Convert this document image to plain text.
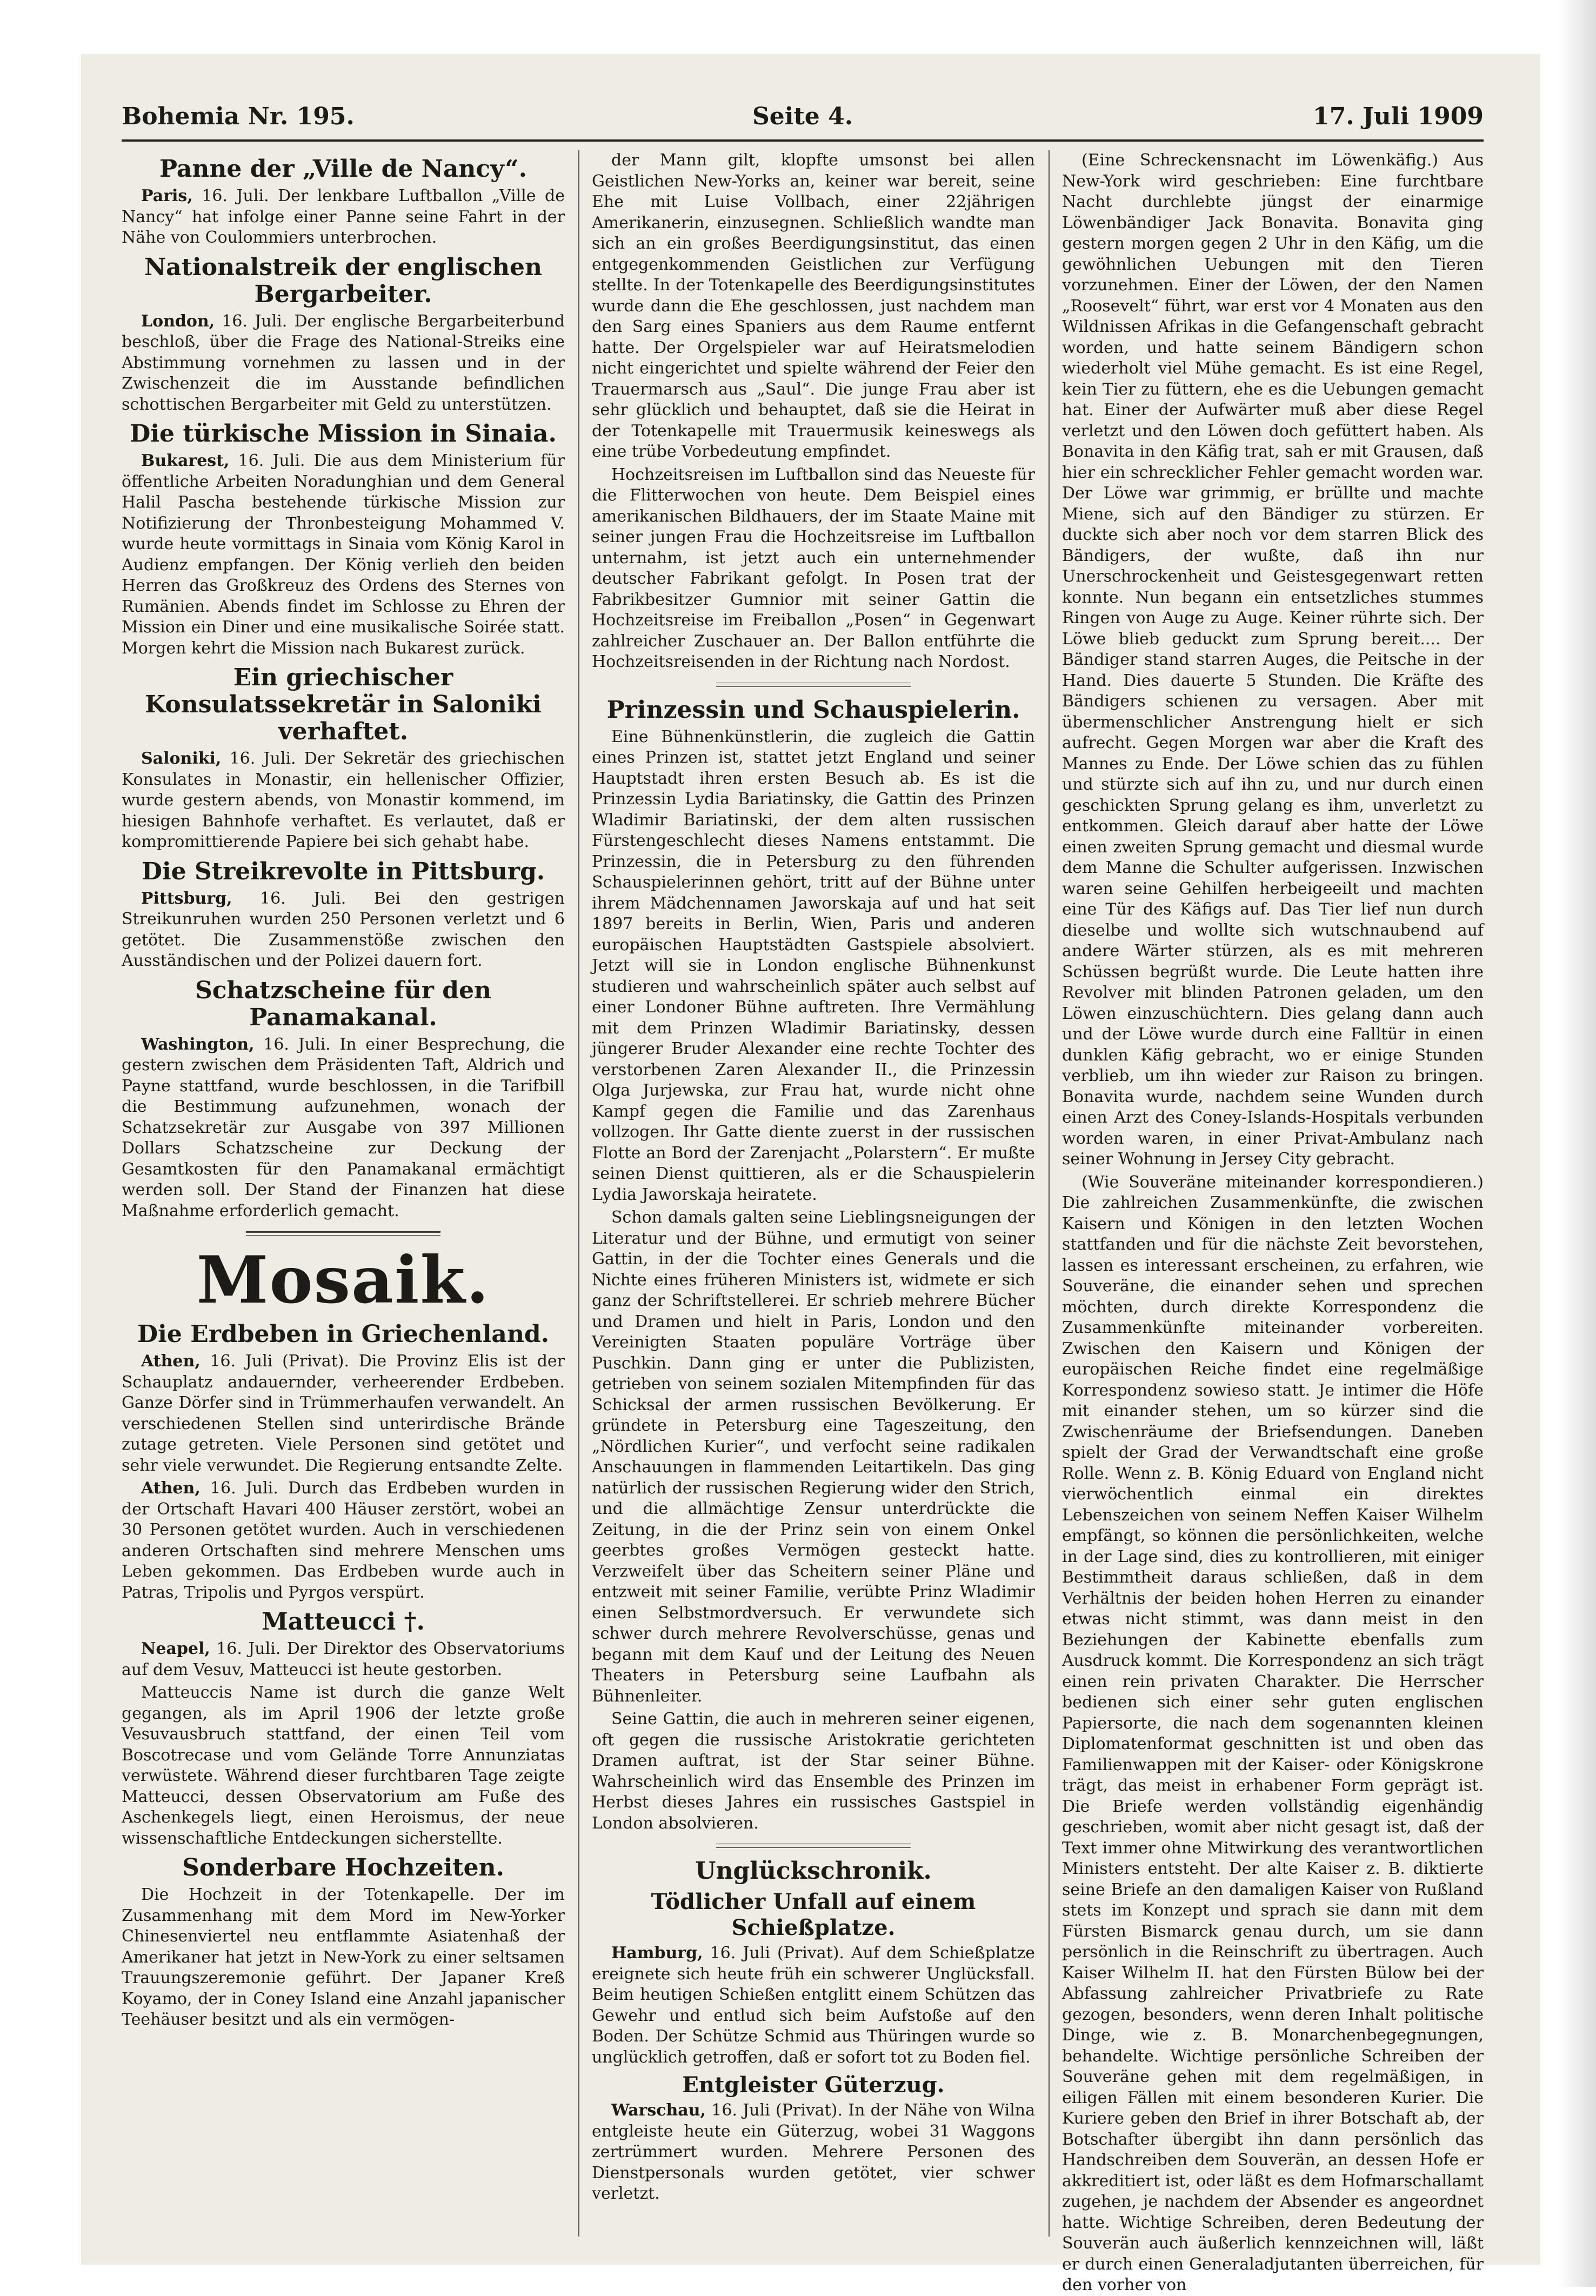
Bohemia Nr. 195.	Seite 4.	17. Juli 1909
Panne der „Ville de Nancy“.

Paris, 16. Juli. Der lenkbare Luftballon „Ville de Nancy“ hat infolge einer Panne seine Fahrt in der Nähe von Coulommiers unterbrochen.

Nationalstreik der englischen Bergarbeiter.

London, 16. Juli. Der englische Bergarbeiterbund beschloß, über die Frage des National-Streiks eine Abstimmung vornehmen zu lassen und in der Zwischenzeit die im Ausstande befindlichen schottischen Bergarbeiter mit Geld zu unterstützen.

Die türkische Mission in Sinaia.

Bukarest, 16. Juli. Die aus dem Ministerium für öffentliche Arbeiten Noradunghian und dem General Halil Pascha bestehende türkische Mission zur Notifizierung der Thronbesteigung Mohammed V. wurde heute vormittags in Sinaia vom König Karol in Audienz empfangen. Der König verlieh den beiden Herren das Großkreuz des Ordens des Sternes von Rumänien. Abends findet im Schlosse zu Ehren der Mission ein Diner und eine musikalische Soirée statt. Morgen kehrt die Mission nach Bukarest zurück.

Ein griechischer Konsulatssekretär in Saloniki verhaftet.

Saloniki, 16. Juli. Der Sekretär des griechischen Konsulates in Monastir, ein hellenischer Offizier, wurde gestern abends, von Monastir kommend, im hiesigen Bahnhofe verhaftet. Es verlautet, daß er kompromittierende Papiere bei sich gehabt habe.

Die Streikrevolte in Pittsburg.

Pittsburg, 16. Juli. Bei den gestrigen Streikunruhen wurden 250 Personen verletzt und 6 getötet. Die Zusammenstöße zwischen den Ausständischen und der Polizei dauern fort.

Schatzscheine für den Panamakanal.

Washington, 16. Juli. In einer Besprechung, die gestern zwischen dem Präsidenten Taft, Aldrich und Payne stattfand, wurde beschlossen, in die Tarifbill die Bestimmung aufzunehmen, wonach der Schatzsekretär zur Ausgabe von 397 Millionen Dollars Schatzscheine zur Deckung der Gesamtkosten für den Panamakanal ermächtigt werden soll. Der Stand der Finanzen hat diese Maßnahme erforderlich gemacht.

Mosaik.
Die Erdbeben in Griechenland.

Athen, 16. Juli (Privat). Die Provinz Elis ist der Schauplatz andauernder, verheerender Erdbeben. Ganze Dörfer sind in Trümmerhaufen verwandelt. An verschiedenen Stellen sind unterirdische Brände zutage getreten. Viele Personen sind getötet und sehr viele verwundet. Die Regierung entsandte Zelte.

Athen, 16. Juli. Durch das Erdbeben wurden in der Ortschaft Havari 400 Häuser zerstört, wobei an 30 Personen getötet wurden. Auch in verschiedenen anderen Ortschaften sind mehrere Menschen ums Leben gekommen. Das Erdbeben wurde auch in Patras, Tripolis und Pyrgos verspürt.

Matteucci †.

Neapel, 16. Juli. Der Direktor des Observatoriums auf dem Vesuv, Matteucci ist heute gestorben.

Matteuccis Name ist durch die ganze Welt gegangen, als im April 1906 der letzte große Vesuvausbruch stattfand, der einen Teil vom Boscotrecase und vom Gelände Torre Annunziatas verwüstete. Während dieser furchtbaren Tage zeigte Matteucci, dessen Observatorium am Fuße des Aschenkegels liegt, einen Heroismus, der neue wissenschaftliche Entdeckungen sicherstellte.

Sonderbare Hochzeiten.

Die Hochzeit in der Totenkapelle. Der im Zusammenhang mit dem Mord im New-Yorker Chinesenviertel neu entflammte Asiatenhaß der Amerikaner hat jetzt in New-York zu einer seltsamen Trauungszeremonie geführt. Der Japaner Kreß Koyamo, der in Coney Island eine Anzahl japanischer Teehäuser besitzt und als ein vermögen-

der Mann gilt, klopfte umsonst bei allen Geistlichen New-Yorks an, keiner war bereit, seine Ehe mit Luise Vollbach, einer 22jährigen Amerikanerin, einzusegnen. Schließlich wandte man sich an ein großes Beerdigungsinstitut, das einen entgegenkommenden Geistlichen zur Verfügung stellte. In der Totenkapelle des Beerdigungsinstitutes wurde dann die Ehe geschlossen, just nachdem man den Sarg eines Spaniers aus dem Raume entfernt hatte. Der Orgelspieler war auf Heiratsmelodien nicht eingerichtet und spielte während der Feier den Trauermarsch aus „Saul“. Die junge Frau aber ist sehr glücklich und behauptet, daß sie die Heirat in der Totenkapelle mit Trauermusik keineswegs als eine trübe Vorbedeutung empfindet.

Hochzeitsreisen im Luftballon sind das Neueste für die Flitterwochen von heute. Dem Beispiel eines amerikanischen Bildhauers, der im Staate Maine mit seiner jungen Frau die Hochzeitsreise im Luftballon unternahm, ist jetzt auch ein unternehmender deutscher Fabrikant gefolgt. In Posen trat der Fabrikbesitzer Gumnior mit seiner Gattin die Hochzeitsreise im Freiballon „Posen“ in Gegenwart zahlreicher Zuschauer an. Der Ballon entführte die Hochzeitsreisenden in der Richtung nach Nordost.

Prinzessin und Schauspielerin.

Eine Bühnenkünstlerin, die zugleich die Gattin eines Prinzen ist, stattet jetzt England und seiner Hauptstadt ihren ersten Besuch ab. Es ist die Prinzessin Lydia Bariatinsky, die Gattin des Prinzen Wladimir Bariatinski, der dem alten russischen Fürstengeschlecht dieses Namens entstammt. Die Prinzessin, die in Petersburg zu den führenden Schauspielerinnen gehört, tritt auf der Bühne unter ihrem Mädchennamen Jaworskaja auf und hat seit 1897 bereits in Berlin, Wien, Paris und anderen europäischen Hauptstädten Gastspiele absolviert. Jetzt will sie in London englische Bühnenkunst studieren und wahrscheinlich später auch selbst auf einer Londoner Bühne auftreten. Ihre Vermählung mit dem Prinzen Wladimir Bariatinsky, dessen jüngerer Bruder Alexander eine rechte Tochter des verstorbenen Zaren Alexander II., die Prinzessin Olga Jurjewska, zur Frau hat, wurde nicht ohne Kampf gegen die Familie und das Zarenhaus vollzogen. Ihr Gatte diente zuerst in der russischen Flotte an Bord der Zarenjacht „Polarstern“. Er mußte seinen Dienst quittieren, als er die Schauspielerin Lydia Jaworskaja heiratete.

Schon damals galten seine Lieblingsneigungen der Literatur und der Bühne, und ermutigt von seiner Gattin, in der die Tochter eines Generals und die Nichte eines früheren Ministers ist, widmete er sich ganz der Schriftstellerei. Er schrieb mehrere Bücher und Dramen und hielt in Paris, London und den Vereinigten Staaten populäre Vorträge über Puschkin. Dann ging er unter die Publizisten, getrieben von seinem sozialen Mitempfinden für das Schicksal der armen russischen Bevölkerung. Er gründete in Petersburg eine Tageszeitung, den „Nördlichen Kurier“, und verfocht seine radikalen Anschauungen in flammenden Leitartikeln. Das ging natürlich der russischen Regierung wider den Strich, und die allmächtige Zensur unterdrückte die Zeitung, in die der Prinz sein von einem Onkel geerbtes großes Vermögen gesteckt hatte. Verzweifelt über das Scheitern seiner Pläne und entzweit mit seiner Familie, verübte Prinz Wladimir einen Selbstmordversuch. Er verwundete sich schwer durch mehrere Revolverschüsse, genas und begann mit dem Kauf und der Leitung des Neuen Theaters in Petersburg seine Laufbahn als Bühnenleiter.

Seine Gattin, die auch in mehreren seiner eigenen, oft gegen die russische Aristokratie gerichteten Dramen auftrat, ist der Star seiner Bühne. Wahrscheinlich wird das Ensemble des Prinzen im Herbst dieses Jahres ein russisches Gastspiel in London absolvieren.

Unglückschronik.
Tödlicher Unfall auf einem Schießplatze.

Hamburg, 16. Juli (Privat). Auf dem Schießplatze ereignete sich heute früh ein schwerer Unglücksfall. Beim heutigen Schießen entglitt einem Schützen das Gewehr und entlud sich beim Aufstoße auf den Boden. Der Schütze Schmid aus Thüringen wurde so unglücklich getroffen, daß er sofort tot zu Boden fiel.

Entgleister Güterzug.

Warschau, 16. Juli (Privat). In der Nähe von Wilna entgleiste heute ein Güterzug, wobei 31 Waggons zertrümmert wurden. Mehrere Personen des Dienstpersonals wurden getötet, vier schwer verletzt.

(Eine Schreckensnacht im Löwenkäfig.) Aus New-York wird geschrieben: Eine furchtbare Nacht durchlebte jüngst der einarmige Löwenbändiger Jack Bonavita. Bonavita ging gestern morgen gegen 2 Uhr in den Käfig, um die gewöhnlichen Uebungen mit den Tieren vorzunehmen. Einer der Löwen, der den Namen „Roosevelt“ führt, war erst vor 4 Monaten aus den Wildnissen Afrikas in die Gefangenschaft gebracht worden, und hatte seinem Bändigern schon wiederholt viel Mühe gemacht. Es ist eine Regel, kein Tier zu füttern, ehe es die Uebungen gemacht hat. Einer der Aufwärter muß aber diese Regel verletzt und den Löwen doch gefüttert haben. Als Bonavita in den Käfig trat, sah er mit Grausen, daß hier ein schrecklicher Fehler gemacht worden war. Der Löwe war grimmig, er brüllte und machte Miene, sich auf den Bändiger zu stürzen. Er duckte sich aber noch vor dem starren Blick des Bändigers, der wußte, daß ihn nur Unerschrockenheit und Geistesgegenwart retten konnte. Nun begann ein entsetzliches stummes Ringen von Auge zu Auge. Keiner rührte sich. Der Löwe blieb geduckt zum Sprung bereit.... Der Bändiger stand starren Auges, die Peitsche in der Hand. Dies dauerte 5 Stunden. Die Kräfte des Bändigers schienen zu versagen. Aber mit übermenschlicher Anstrengung hielt er sich aufrecht. Gegen Morgen war aber die Kraft des Mannes zu Ende. Der Löwe schien das zu fühlen und stürzte sich auf ihn zu, und nur durch einen geschickten Sprung gelang es ihm, unverletzt zu entkommen. Gleich darauf aber hatte der Löwe einen zweiten Sprung gemacht und diesmal wurde dem Manne die Schulter aufgerissen. Inzwischen waren seine Gehilfen herbeigeeilt und machten eine Tür des Käfigs auf. Das Tier lief nun durch dieselbe und wollte sich wutschnaubend auf andere Wärter stürzen, als es mit mehreren Schüssen begrüßt wurde. Die Leute hatten ihre Revolver mit blinden Patronen geladen, um den Löwen einzuschüchtern. Dies gelang dann auch und der Löwe wurde durch eine Falltür in einen dunklen Käfig gebracht, wo er einige Stunden verblieb, um ihn wieder zur Raison zu bringen. Bonavita wurde, nachdem seine Wunden durch einen Arzt des Coney-Islands-Hospitals verbunden worden waren, in einer Privat-Ambulanz nach seiner Wohnung in Jersey City gebracht.

(Wie Souveräne miteinander korrespondieren.) Die zahlreichen Zusammenkünfte, die zwischen Kaisern und Königen in den letzten Wochen stattfanden und für die nächste Zeit bevorstehen, lassen es interessant erscheinen, zu erfahren, wie Souveräne, die einander sehen und sprechen möchten, durch direkte Korrespondenz die Zusammenkünfte miteinander vorbereiten. Zwischen den Kaisern und Königen der europäischen Reiche findet eine regelmäßige Korrespondenz sowieso statt. Je intimer die Höfe mit einander stehen, um so kürzer sind die Zwischenräume der Briefsendungen. Daneben spielt der Grad der Verwandtschaft eine große Rolle. Wenn z. B. König Eduard von England nicht vierwöchentlich einmal ein direktes Lebenszeichen von seinem Neffen Kaiser Wilhelm empfängt, so können die persönlichkeiten, welche in der Lage sind, dies zu kontrollieren, mit einiger Bestimmtheit daraus schließen, daß in dem Verhältnis der beiden hohen Herren zu einander etwas nicht stimmt, was dann meist in den Beziehungen der Kabinette ebenfalls zum Ausdruck kommt. Die Korrespondenz an sich trägt einen rein privaten Charakter. Die Herrscher bedienen sich einer sehr guten englischen Papiersorte, die nach dem sogenannten kleinen Diplomatenformat geschnitten ist und oben das Familienwappen mit der Kaiser- oder Königskrone trägt, das meist in erhabener Form geprägt ist. Die Briefe werden vollständig eigenhändig geschrieben, womit aber nicht gesagt ist, daß der Text immer ohne Mitwirkung des verantwortlichen Ministers entsteht. Der alte Kaiser z. B. diktierte seine Briefe an den damaligen Kaiser von Rußland stets im Konzept und sprach sie dann mit dem Fürsten Bismarck genau durch, um sie dann persönlich in die Reinschrift zu übertragen. Auch Kaiser Wilhelm II. hat den Fürsten Bülow bei der Abfassung zahlreicher Privatbriefe zu Rate gezogen, besonders, wenn deren Inhalt politische Dinge, wie z. B. Monarchenbegegnungen, behandelte. Wichtige persönliche Schreiben der Souveräne gehen mit dem regelmäßigen, in eiligen Fällen mit einem besonderen Kurier. Die Kuriere geben den Brief in ihrer Botschaft ab, der Botschafter übergibt ihn dann persönlich das Handschreiben dem Souverän, an dessen Hofe er akkreditiert ist, oder läßt es dem Hofmarschallamt zugehen, je nachdem der Absender es angeordnet hatte. Wichtige Schreiben, deren Bedeutung der Souverän auch äußerlich kennzeichnen will, läßt er durch einen Generaladjutanten überreichen, für den vorher von
